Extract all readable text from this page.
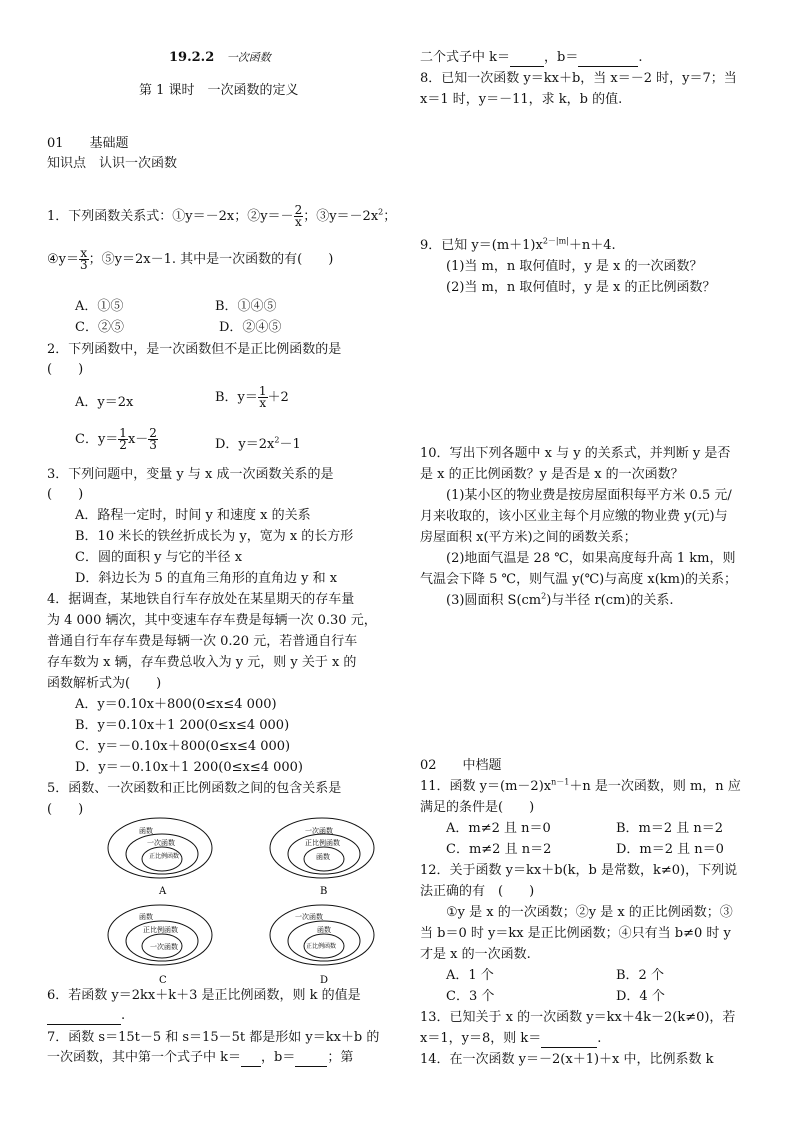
19.2.2 一次函数
第 1 课时　一次函数的定义
01　　基础题
知识点　认识一次函数
1．下列函数关系式：①y＝－2x；②y＝－ $\frac{2}{x}$ ；$③y=-2x^2$；
④y＝ $\frac{x}{3}$ ；⑤y＝2x－1. 其中是一次函数的有(　　)
A．①⑤	B．①④⑤
C．②⑤	D．②④⑤
2．下列函数中，是一次函数但不是正比例函数的是
(　　)
A．y＝2x	B．$y= \frac{1}{x} +2$
C．$y= \frac{1}{2} x- \frac{2}{3}$	D．$y=2x^2-1$
3．下列问题中，变量 y 与 x 成一次函数关系的是
(　　)
A．路程一定时，时间 y 和速度 x 的关系
B．10 米长的铁丝折成长为 y，宽为 x 的长方形
C．圆的面积 y 与它的半径 x
D．斜边长为 5 的直角三角形的直角边 y 和 x
4．据调查，某地铁自行车存放处在某星期天的存车量
为 4 000 辆次，其中变速车存车费是每辆一次 0.30 元，
普通自行车存车费是每辆一次 0.20 元，若普通自行车
存车数为 x 辆，存车费总收入为 y 元，则 y 关于 x 的
函数解析式为(　　)
A．y＝0.10x＋800(0≤x≤4 000)
B．y＝0.10x＋1 200(0≤x≤4 000)
C．y＝－0.10x＋800(0≤x≤4 000)
D．y＝－0.10x＋1 200(0≤x≤4 000)
5．函数、一次函数和正比例函数之间的包含关系是
(　　)
函数
一次函数
正比例函数
A
一次函数
正比例函数
函数
B
函数
正比例函数
一次函数
C
一次函数
函数
正比例函数
D
6．若函数 y＝2kx＋k＋3 是正比例函数，则 k 的值是
.
7．函数 s＝15t－5 和 s＝15－5t 都是形如 y＝kx＋b 的
一次函数，其中第一个式子中 k＝ ，b＝ ；第
二个式子中 k＝	，b＝	.
8．已知一次函数 y＝kx＋b，当 x＝－2 时，y＝7；当
x＝1 时，y＝－11，求 k，b 的值.
9．已知 $y=(m+1)x^{2-|m|}+n+4$.
(1)当 m，n 取何值时，y 是 x 的一次函数？
(2)当 m，n 取何值时，y 是 x 的正比例函数？
10．写出下列各题中 x 与 y 的关系式，并判断 y 是否
是 x 的正比例函数？y 是否是 x 的一次函数？
(1)某小区的物业费是按房屋面积每平方米 0.5 元/
月来收取的，该小区业主每个月应缴的物业费 y(元)与
房屋面积 x(平方米)之间的函数关系；
(2)地面气温是 28 ℃，如果高度每升高 1 km，则
气温会下降 5 ℃，则气温 y(℃)与高度 x(km)的关系；
(3)圆面积 $S(cm^2)$与半径 r(cm)的关系.
02　　中档题
11．函数 $y=(m-2)x^{n-1}+n$ 是一次函数，则 m，n 应
满足的条件是(　　)
A．m≠2 且 n＝0	B．m＝2 且 n＝2
C．m≠2 且 n＝2	D．m＝2 且 n＝0
12．关于函数 y＝kx＋b(k，b 是常数，k≠0)，下列说
法正确的有　(　　)
①y 是 x 的一次函数；②y 是 x 的正比例函数；③
当 b＝0 时 y＝kx 是正比例函数；④只有当 b≠0 时 y
才是 x 的一次函数.
A．1 个	B．2 个
C．3 个	D．4 个
13．已知关于 x 的一次函数 y＝kx＋4k－2(k≠0)，若
x＝1，y＝8，则 k＝	.
14．在一次函数 y＝－2(x＋1)＋x 中，比例系数 k
